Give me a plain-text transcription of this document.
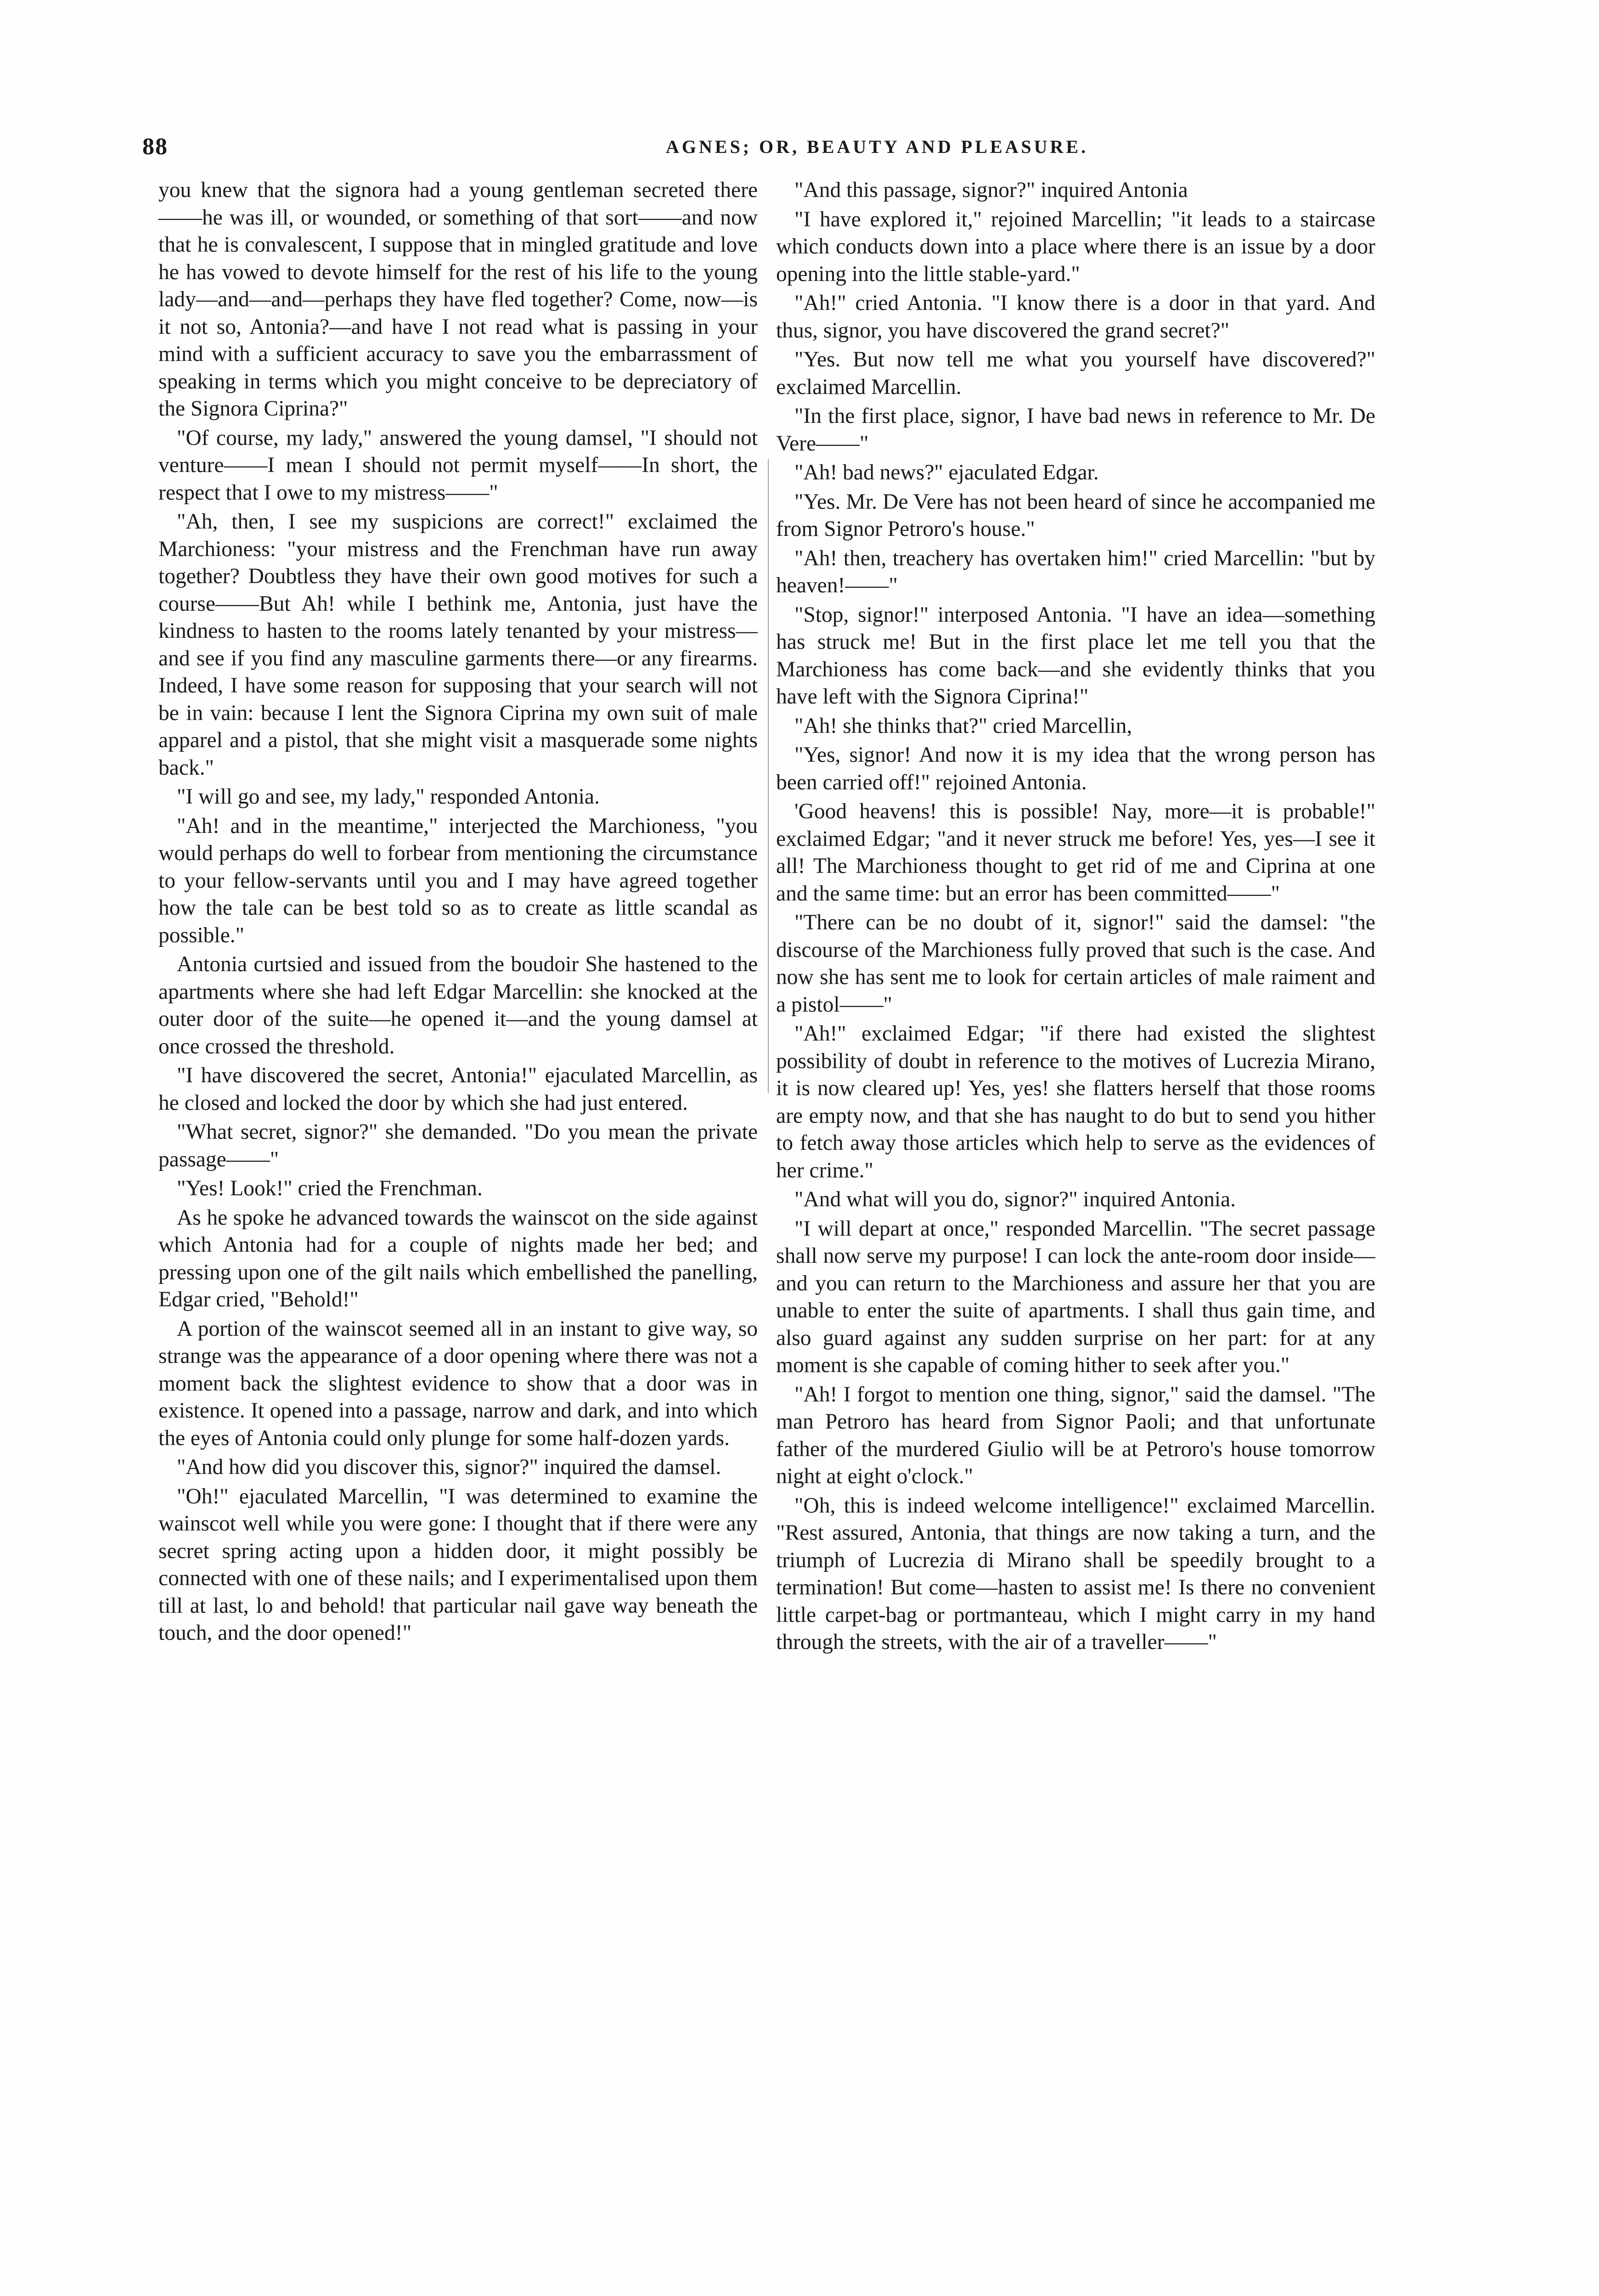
88	AGNES; OR, BEAUTY AND PLEASURE.

you knew that the signora had a young gentleman secreted there——he was ill, or wounded, or something of that sort——and now that he is convalescent, I suppose that in mingled gratitude and love he has vowed to devote himself for the rest of his life to the young lady—and—and—perhaps they have fled together? Come, now—is it not so, Antonia?—and have I not read what is passing in your mind with a sufficient accuracy to save you the embarrassment of speaking in terms which you might conceive to be depreciatory of the Signora Ciprina?"

"Of course, my lady," answered the young damsel, "I should not venture——I mean I should not permit myself——In short, the respect that I owe to my mistress——"

"Ah, then, I see my suspicions are correct!" exclaimed the Marchioness: "your mistress and the Frenchman have run away together? Doubtless they have their own good motives for such a course——But Ah! while I bethink me, Antonia, just have the kindness to hasten to the rooms lately tenanted by your mistress—and see if you find any masculine garments there—or any firearms. Indeed, I have some reason for supposing that your search will not be in vain: because I lent the Signora Ciprina my own suit of male apparel and a pistol, that she might visit a masquerade some nights back."

"I will go and see, my lady," responded Antonia.

"Ah! and in the meantime," interjected the Marchioness, "you would perhaps do well to forbear from mentioning the circumstance to your fellow-servants until you and I may have agreed together how the tale can be best told so as to create as little scandal as possible."

Antonia curtsied and issued from the boudoir She hastened to the apartments where she had left Edgar Marcellin: she knocked at the outer door of the suite—he opened it—and the young damsel at once crossed the threshold.

"I have discovered the secret, Antonia!" ejaculated Marcellin, as he closed and locked the door by which she had just entered.

"What secret, signor?" she demanded. "Do you mean the private passage——"

"Yes! Look!" cried the Frenchman.

As he spoke he advanced towards the wainscot on the side against which Antonia had for a couple of nights made her bed; and pressing upon one of the gilt nails which embellished the panelling, Edgar cried, "Behold!"

A portion of the wainscot seemed all in an instant to give way, so strange was the appearance of a door opening where there was not a moment back the slightest evidence to show that a door was in existence. It opened into a passage, narrow and dark, and into which the eyes of Antonia could only plunge for some half-dozen yards.

"And how did you discover this, signor?" inquired the damsel.

"Oh!" ejaculated Marcellin, "I was determined to examine the wainscot well while you were gone: I thought that if there were any secret spring acting upon a hidden door, it might possibly be connected with one of these nails; and I experimentalised upon them till at last, lo and behold! that particular nail gave way beneath the touch, and the door opened!"

"And this passage, signor?" inquired Antonia

"I have explored it," rejoined Marcellin; "it leads to a staircase which conducts down into a place where there is an issue by a door opening into the little stable-yard."

"Ah!" cried Antonia. "I know there is a door in that yard. And thus, signor, you have discovered the grand secret?"

"Yes. But now tell me what you yourself have discovered?" exclaimed Marcellin.

"In the first place, signor, I have bad news in reference to Mr. De Vere——"

"Ah! bad news?" ejaculated Edgar.

"Yes. Mr. De Vere has not been heard of since he accompanied me from Signor Petroro's house."

"Ah! then, treachery has overtaken him!" cried Marcellin: "but by heaven!——"

"Stop, signor!" interposed Antonia. "I have an idea—something has struck me! But in the first place let me tell you that the Marchioness has come back—and she evidently thinks that you have left with the Signora Ciprina!"

"Ah! she thinks that?" cried Marcellin,

"Yes, signor! And now it is my idea that the wrong person has been carried off!" rejoined Antonia.

'Good heavens! this is possible! Nay, more—it is probable!" exclaimed Edgar; "and it never struck me before! Yes, yes—I see it all! The Marchioness thought to get rid of me and Ciprina at one and the same time: but an error has been committed——"

"There can be no doubt of it, signor!" said the damsel: "the discourse of the Marchioness fully proved that such is the case. And now she has sent me to look for certain articles of male raiment and a pistol——"

"Ah!" exclaimed Edgar; "if there had existed the slightest possibility of doubt in reference to the motives of Lucrezia Mirano, it is now cleared up! Yes, yes! she flatters herself that those rooms are empty now, and that she has naught to do but to send you hither to fetch away those articles which help to serve as the evidences of her crime."

"And what will you do, signor?" inquired Antonia.

"I will depart at once," responded Marcellin. "The secret passage shall now serve my purpose! I can lock the ante-room door inside—and you can return to the Marchioness and assure her that you are unable to enter the suite of apartments. I shall thus gain time, and also guard against any sudden surprise on her part: for at any moment is she capable of coming hither to seek after you."

"Ah! I forgot to mention one thing, signor," said the damsel. "The man Petroro has heard from Signor Paoli; and that unfortunate father of the murdered Giulio will be at Petroro's house tomorrow night at eight o'clock."

"Oh, this is indeed welcome intelligence!" exclaimed Marcellin. "Rest assured, Antonia, that things are now taking a turn, and the triumph of Lucrezia di Mirano shall be speedily brought to a termination! But come—hasten to assist me! Is there no convenient little carpet-bag or portmanteau, which I might carry in my hand through the streets, with the air of a traveller——"
